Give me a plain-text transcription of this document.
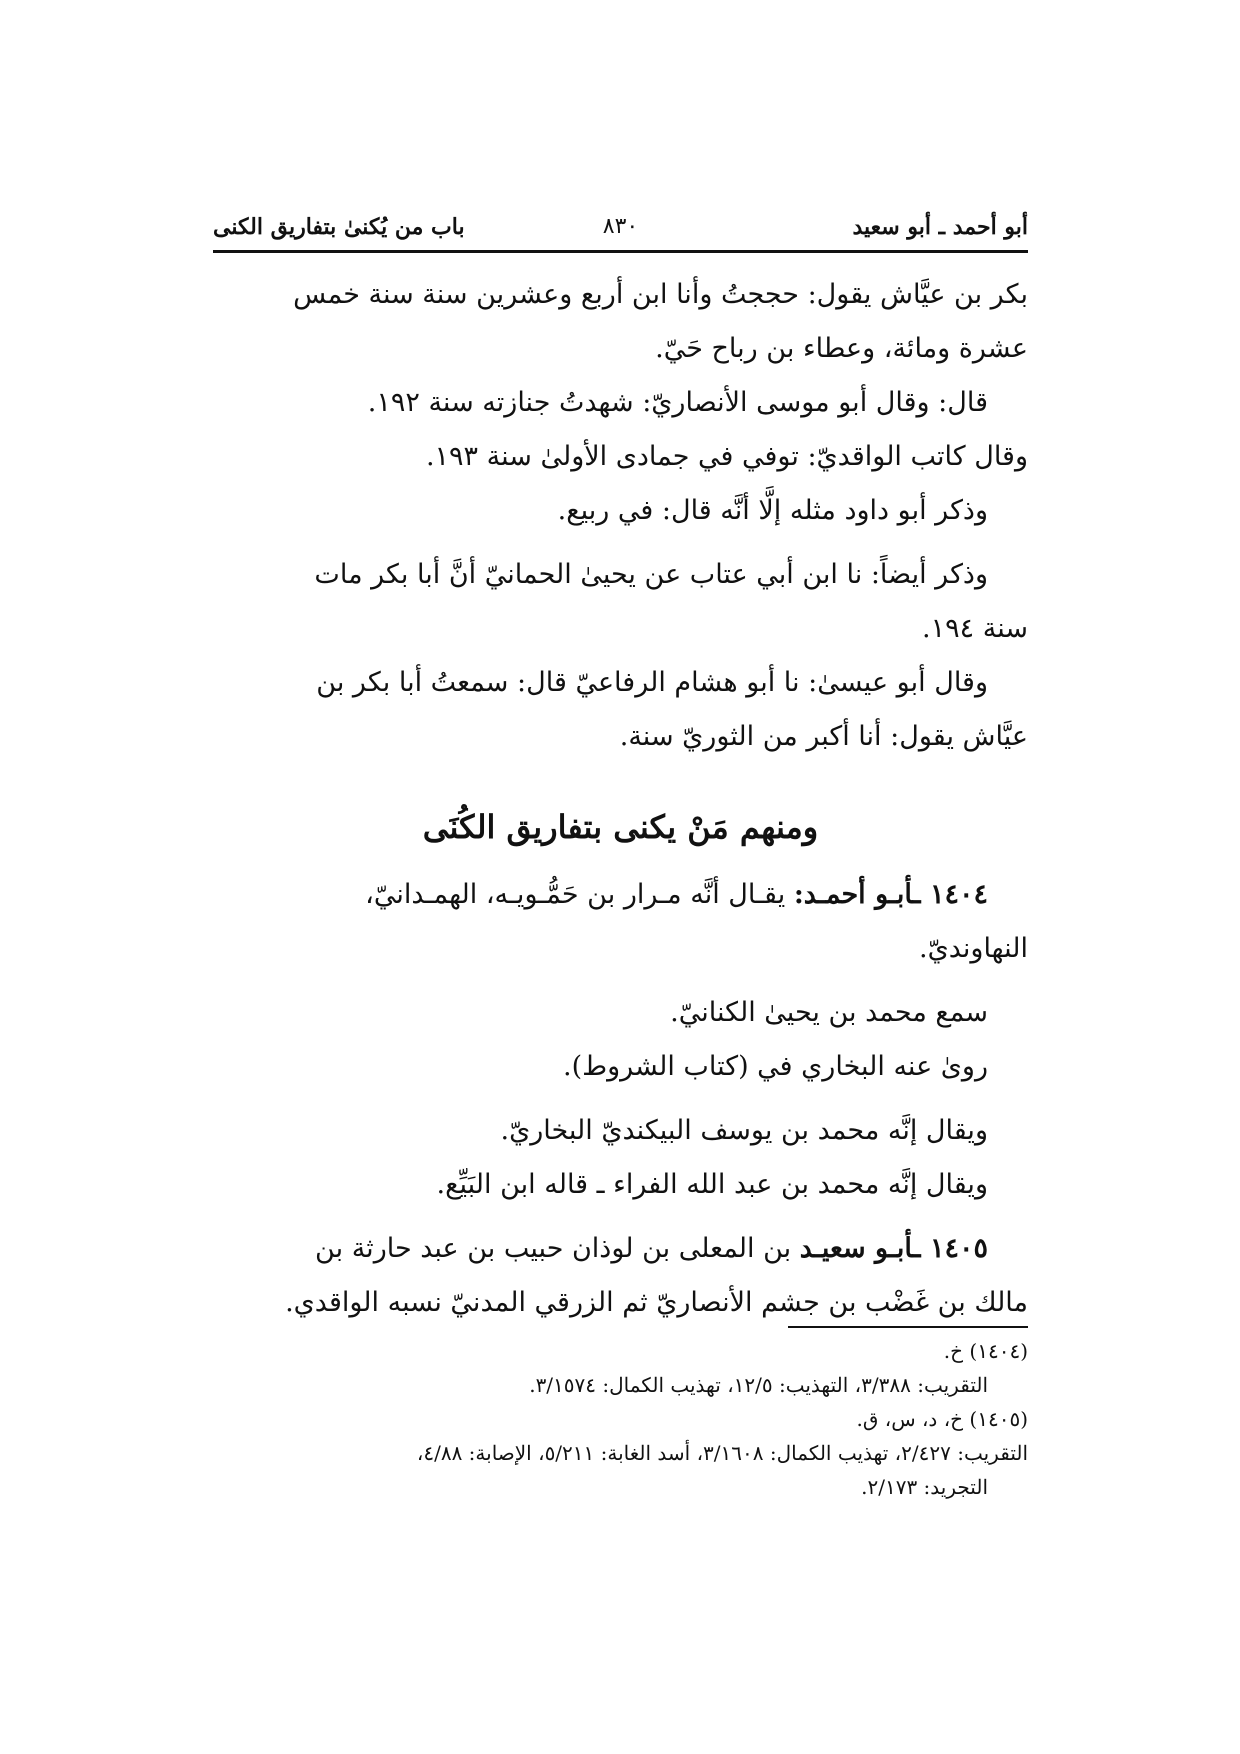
أبو أحمد ـ أبو سعيد
٨٣٠
باب من يُكنىٰ بتفاريق الكنى

بكر بن عيَّاش يقول: حججتُ وأنا ابن أربع وعشرين سنة سنة خمس

عشرة ومائة، وعطاء بن رباح حَيّ.

قال: وقال أبو موسى الأنصاريّ: شهدتُ جنازته سنة ١٩٢.

وقال كاتب الواقديّ: توفي في جمادى الأولىٰ سنة ١٩٣.

وذكر أبو داود مثله إلَّا أنَّه قال: في ربيع.

وذكر أيضاً: نا ابن أبي عتاب عن يحيىٰ الحمانيّ أنَّ أبا بكر مات

سنة ١٩٤.

وقال أبو عيسىٰ: نا أبو هشام الرفاعيّ قال: سمعتُ أبا بكر بن

عيَّاش يقول: أنا أكبر من الثوريّ سنة.

ومنهم مَنْ يكنى بتفاريق الكُنَى

١٤٠٤ ـأبـو أحمـد: يقـال أنَّه مـرار بن حَمُّـويـه، الهمـدانيّ،

النهاونديّ.

سمع محمد بن يحيىٰ الكنانيّ.

روىٰ عنه البخاري في (كتاب الشروط).

ويقال إنَّه محمد بن يوسف البيكنديّ البخاريّ.

ويقال إنَّه محمد بن عبد الله الفراء ـ قاله ابن البَيِّع.

١٤٠٥ ـأبـو سعيـد بن المعلى بن لوذان حبيب بن عبد حارثة بن

مالك بن غَضْب بن جشم الأنصاريّ ثم الزرقي المدنيّ نسبه الواقدي.

(١٤٠٤) خ.

التقريب: ٣/٣٨٨، التهذيب: ١٢/٥، تهذيب الكمال: ٣/١٥٧٤.

(١٤٠٥) خ، د، س، ق.

التقريب: ٢/٤٢٧، تهذيب الكمال: ٣/١٦٠٨، أسد الغابة: ٥/٢١١، الإصابة: ٤/٨٨،

التجريد: ٢/١٧٣.
